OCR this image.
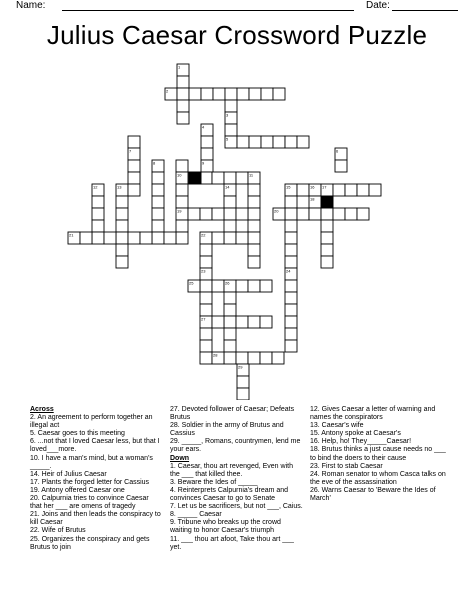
Name:	Date:
Julius Caesar Crossword Puzzle
1
2
3
4
5
6
7
8	9
10	11
12	13	14	15	16 17
18
19	20
21	22
23	24
25	26
27
28
29
Across
2. An agreement to perform together an illegal act
5. Caesar goes to this meeting
6. ...not that I loved Caesar less, but that I loved___more.
10. I have a man's mind, but a woman's _____.
14. Heir of Julius Caesar
17. Plants the forged letter for Cassius
19. Antony offered Caesar one
20. Calpurnia tries to convince Caesar that her ___ are omens of tragedy
21. Joins and then leads the conspiracy to kill Caesar
22. Wife of Brutus
25. Organizes the conspiracy and gets Brutus to join
27. Devoted follower of Caesar; Defeats Brutus
28. Soldier in the army of Brutus and Cassius
29. _____, Romans, countrymen, lend me your ears.
Down
1. Caesar, thou art revenged, Even with the ___ that killed thee.
3. Beware the Ides of _____
4. Reinterprets Calpurnia's dream and convinces Caesar to go to Senate
7. Let us be sacrificers, but not ___, Caius.
8. _____ Caesar
9. Tribune who breaks up the crowd waiting to honor Caesar's triumph
11. ___ thou art afoot, Take thou art ___ yet.
12. Gives Caesar a letter of warning and names the conspirators
13. Caesar's wife
15. Antony spoke at Caesar's
16. Help, ho! They_____Caesar!
18. Brutus thinks a just cause needs no ___ to bind the doers to their cause
23. First to stab Caesar
24. Roman senator to whom Casca talks on the eve of the assassination
26. Warns Caesar to 'Beware the Ides of March'
